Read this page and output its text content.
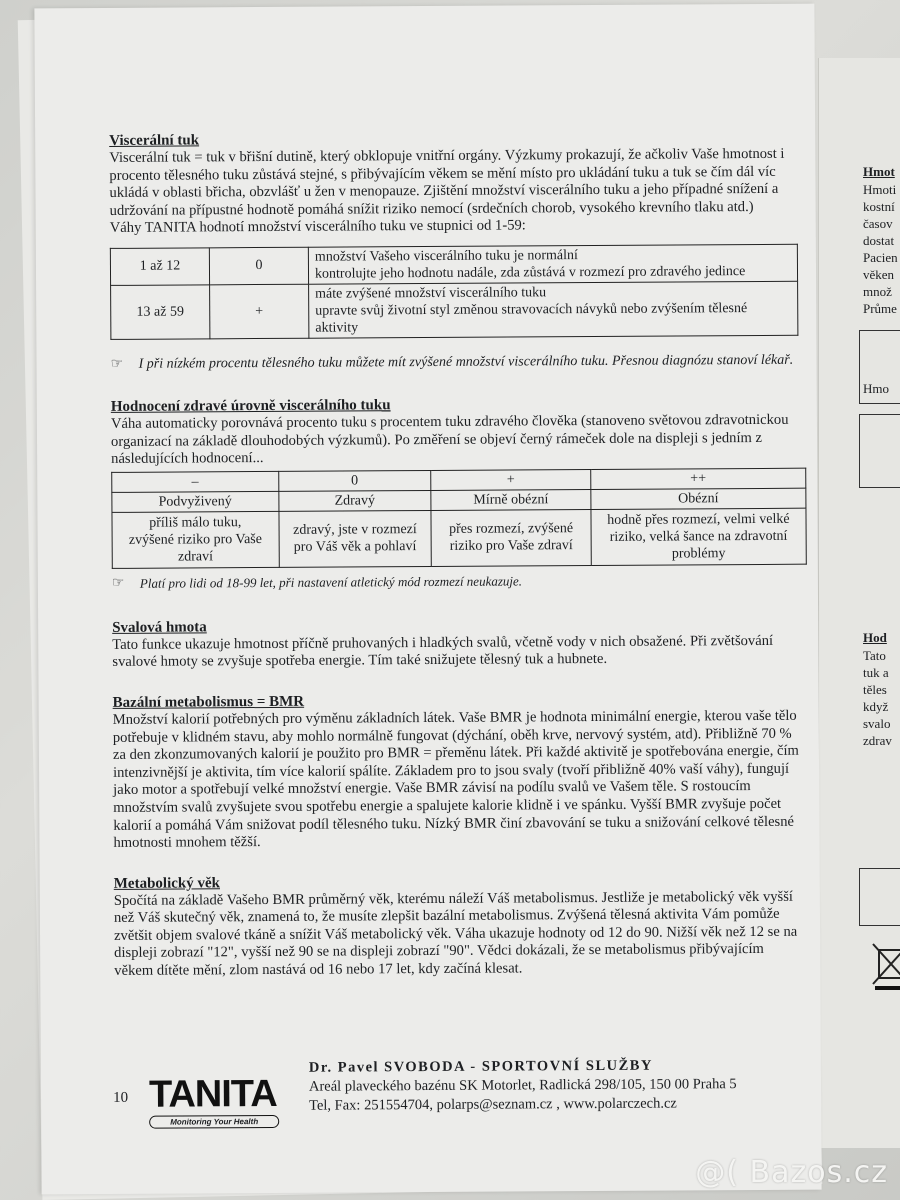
Hmot
Hmoti
kostní
časov
dostat
Pacien
věken
množ
Průme
Hmo
Hod
Tato
tuk a
těles
když
svalo
zdrav
Viscerální tuk

Viscerální tuk = tuk v břišní dutině, který obklopuje vnitřní orgány. Výzkumy prokazují, že ačkoliv Vaše hmotnost i procento tělesného tuku zůstává stejné, s přibývajícím věkem se mění místo pro ukládání tuku a tuk se čím dál víc ukládá v oblasti břicha, obzvlášť u žen v menopauze. Zjištění množství viscerálního tuku a jeho případné snížení a udržování na přípustné hodnotě pomáhá snížit riziko nemocí (srdečních chorob, vysokého krevního tlaku atd.)

Váhy TANITA hodnotí množství viscerálního tuku ve stupnici od 1-59:

1 až 12	0	množství Vašeho viscerálního tuku je normální
kontrolujte jeho hodnotu nadále, zda zůstává v rozmezí pro zdravého jedince

13 až 59	+	máte zvýšené množství viscerálního tuku
upravte svůj životní styl změnou stravovacích návyků nebo zvýšením tělesné aktivity
☞ I při nízkém procentu tělesného tuku můžete mít zvýšené množství viscerálního tuku. Přesnou diagnózu stanoví lékař.
Hodnocení zdravé úrovně viscerálního tuku

Váha automaticky porovnává procento tuku s procentem tuku zdravého člověka (stanoveno světovou zdravotnickou organizací na základě dlouhodobých výzkumů). Po změření se objeví černý rámeček dole na displeji s jedním z následujících hodnocení...

–	0	+	++
Podvyživený	Zdravý	Mírně obézní	Obézní
příliš málo tuku, zvýšené riziko pro Vaše zdraví	zdravý, jste v rozmezí pro Váš věk a pohlaví	přes rozmezí, zvýšené riziko pro Vaše zdraví	hodně přes rozmezí, velmi velké riziko, velká šance na zdravotní problémy
☞ Platí pro lidi od 18-99 let, při nastavení atletický mód rozmezí neukazuje.
Svalová hmota

Tato funkce ukazuje hmotnost příčně pruhovaných i hladkých svalů, včetně vody v nich obsažené. Při zvětšování svalové hmoty se zvyšuje spotřeba energie. Tím také snižujete tělesný tuk a hubnete.

Bazální metabolismus = BMR

Množství kalorií potřebných pro výměnu základních látek. Vaše BMR je hodnota minimální energie, kterou vaše tělo potřebuje v klidném stavu, aby mohlo normálně fungovat (dýchání, oběh krve, nervový systém, atd). Přibližně 70 % za den zkonzumovaných kalorií je použito pro BMR = přeměnu látek. Při každé aktivitě je spotřebována energie, čím intenzivnější je aktivita, tím více kalorií spálíte. Základem pro to jsou svaly (tvoří přibližně 40% vaší váhy), fungují jako motor a spotřebují velké množství energie. Vaše BMR závisí na podílu svalů ve Vašem těle. S rostoucím množstvím svalů zvyšujete svou spotřebu energie a spalujete kalorie klidně i ve spánku. Vyšší BMR zvyšuje počet kalorií a pomáhá Vám snižovat podíl tělesného tuku. Nízký BMR činí zbavování se tuku a snižování celkové tělesné hmotnosti mnohem těžší.

Metabolický věk

Spočítá na základě Vašeho BMR průměrný věk, kterému náleží Váš metabolismus. Jestliže je metabolický věk vyšší než Váš skutečný věk, znamená to, že musíte zlepšit bazální metabolismus. Zvýšená tělesná aktivita Vám pomůže zvětšit objem svalové tkáně a snížit Váš metabolický věk. Váha ukazuje hodnoty od 12 do 90. Nižší věk než 12 se na displeji zobrazí "12", vyšší než 90 se na displeji zobrazí "90". Vědci dokázali, že se metabolismus přibývajícím věkem dítěte mění, zlom nastává od 16 nebo 17 let, kdy začíná klesat.

10 TANITA
Monitoring Your Health
Dr. Pavel SVOBODA - SPORTOVNÍ SLUŽBY
Areál plaveckého bazénu SK Motorlet, Radlická 298/105, 150 00 Praha 5
Tel, Fax: 251554704, polarps@seznam.cz , www.polarczech.cz
@( Bazos.cz
